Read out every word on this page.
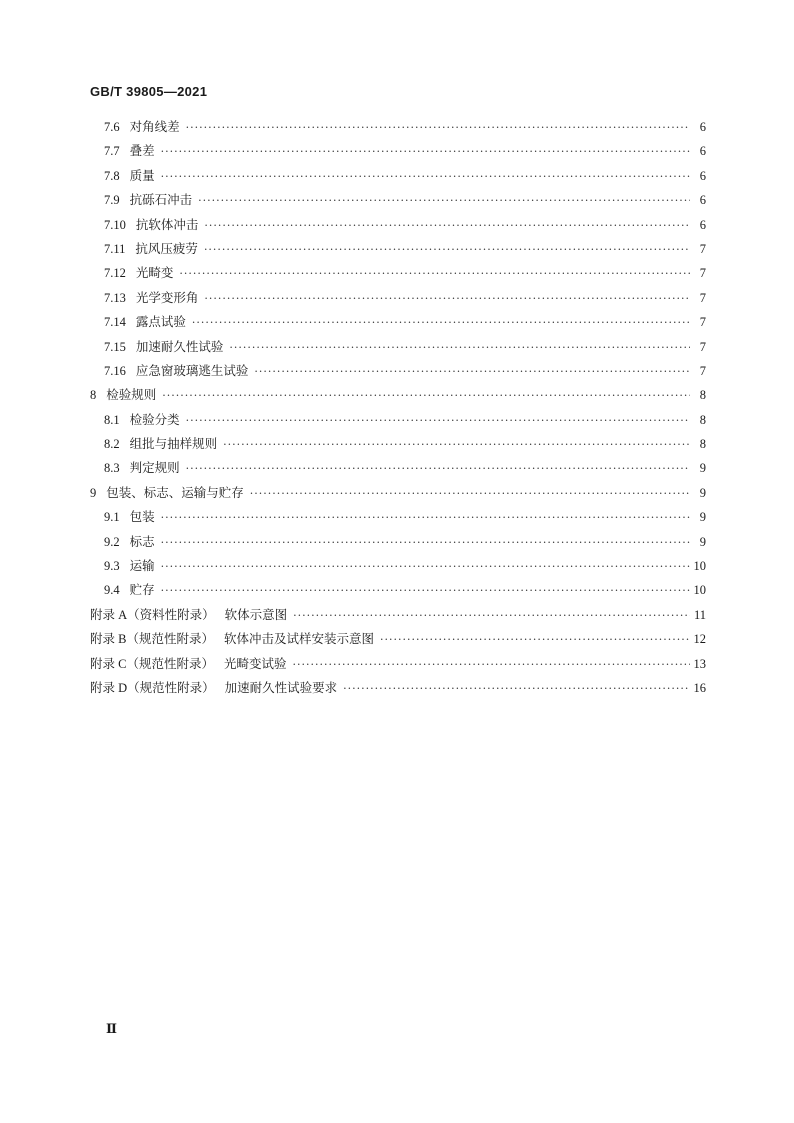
GB/T 39805—2021
7.6 对角线差 ·····	6
7.7 叠差 ·····	6
7.8 质量 ·····	6
7.9 抗砾石冲击 ·····	6
7.10 抗软体冲击 ·····	6
7.11 抗风压疲劳 ·····	7
7.12 光畸变 ·····	7
7.13 光学变形角 ·····	7
7.14 露点试验 ·····	7
7.15 加速耐久性试验 ·····	7
7.16 应急窗玻璃逃生试验 ·····	7
8 检验规则 ·····	8
8.1 检验分类 ·····	8
8.2 组批与抽样规则 ·····	8
8.3 判定规则 ·····	9
9 包装、标志、运输与贮存 ·····	9
9.1 包装 ·····	9
9.2 标志 ·····	9
9.3 运输 ·····	10
9.4 贮存 ·····	10
附录 A（资料性附录） 软体示意图 ·····	11
附录 B（规范性附录） 软体冲击及试样安装示意图 ·····	12
附录 C（规范性附录） 光畸变试验 ·····	13
附录 D（规范性附录） 加速耐久性试验要求 ·····	16
Ⅱ
